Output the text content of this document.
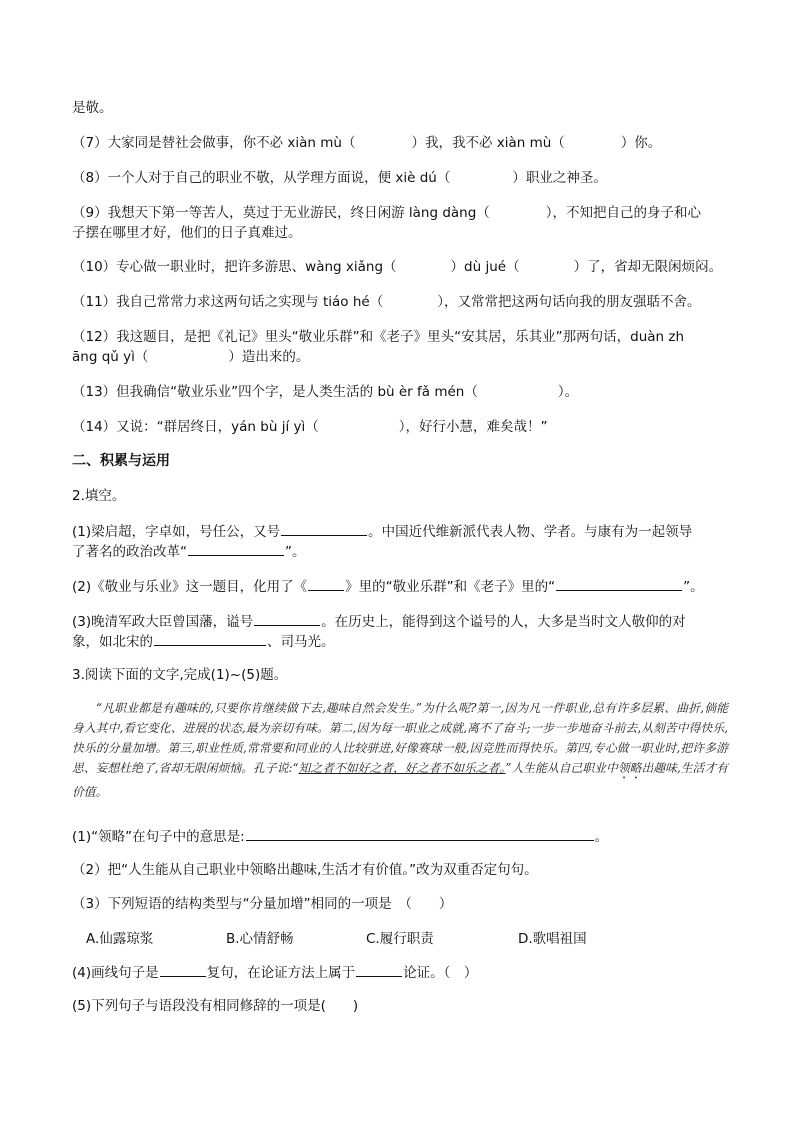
是敬。
（7）大家同是替社会做事，你不必 xiàn mù（	）我，我不必 xiàn mù（	）你。
（8）一个人对于自己的职业不敬，从学理方面说，便 xiè dú（	）职业之神圣。
（9）我想天下第一等苦人，莫过于无业游民，终日闲游 làng dàng（	），不知把自己的身子和心
子摆在哪里才好，他们的日子真难过。
（10）专心做一职业时，把许多游思、wàng xiǎng（	）dù jué（	）了，省却无限闲烦闷。
（11）我自己常常力求这两句话之实现与 tiáo hé（	），又常常把这两句话向我的朋友强聒不舍。
（12）我这题目，是把《礼记》里头“敬业乐群”和《老子》里头“安其居，乐其业”那两句话，duàn zh
āng qǔ yì（	）造出来的。
（13）但我确信“敬业乐业”四个字，是人类生活的 bù èr fǎ mén（	）。
（14）又说：“群居终日，yán bù jí yì（	），好行小慧，难矣哉！”
二、积累与运用
2.填空。
(1)梁启超，字卓如，号任公，又号	。中国近代维新派代表人物、学者。与康有为一起领导
了著名的政治改革“	”。
(2)《敬业与乐业》这一题目，化用了《	》里的“敬业乐群”和《老子》里的“	”。
(3)晚清军政大臣曾国藩，谥号	。在历史上，能得到这个谥号的人，大多是当时文人敬仰的对
象，如北宋的	、司马光。
3.阅读下面的文字,完成(1)~(5)题。

“凡职业都是有趣味的,只要你肯继续做下去,趣味自然会发生。”为什么呢?第一,因为凡一件职业,总有许多层累、曲折,倘能身入其中,看它变化、进展的状态,最为亲切有味。第二,因为每一职业之成就,离不了奋斗;一步一步地奋斗前去,从刻苦中得快乐,快乐的分量加增。第三,职业性质,常常要和同业的人比较骈进,好像赛球一般,因竞胜而得快乐。第四,专心做一职业时,把许多游思、妄想杜绝了,省却无限闲烦恼。孔子说:“知之者不如好之者，好之者不如乐之者。”人生能从自己职业中领略出趣味,生活才有价值。

(1)“领略”在句子中的意思是:	。
（2）把“人生能从自己职业中领略出趣味,生活才有价值。”改为双重否定句句。
（3）下列短语的结构类型与“分量加增”相同的一项是　（　　）
A.仙露琼浆	B.心情舒畅	C.履行职责	D.歌唱祖国
(4)画线句子是	复句，在论证方法上属于	论证。（　）
(5)下列句子与语段没有相同修辞的一项是(　　)
